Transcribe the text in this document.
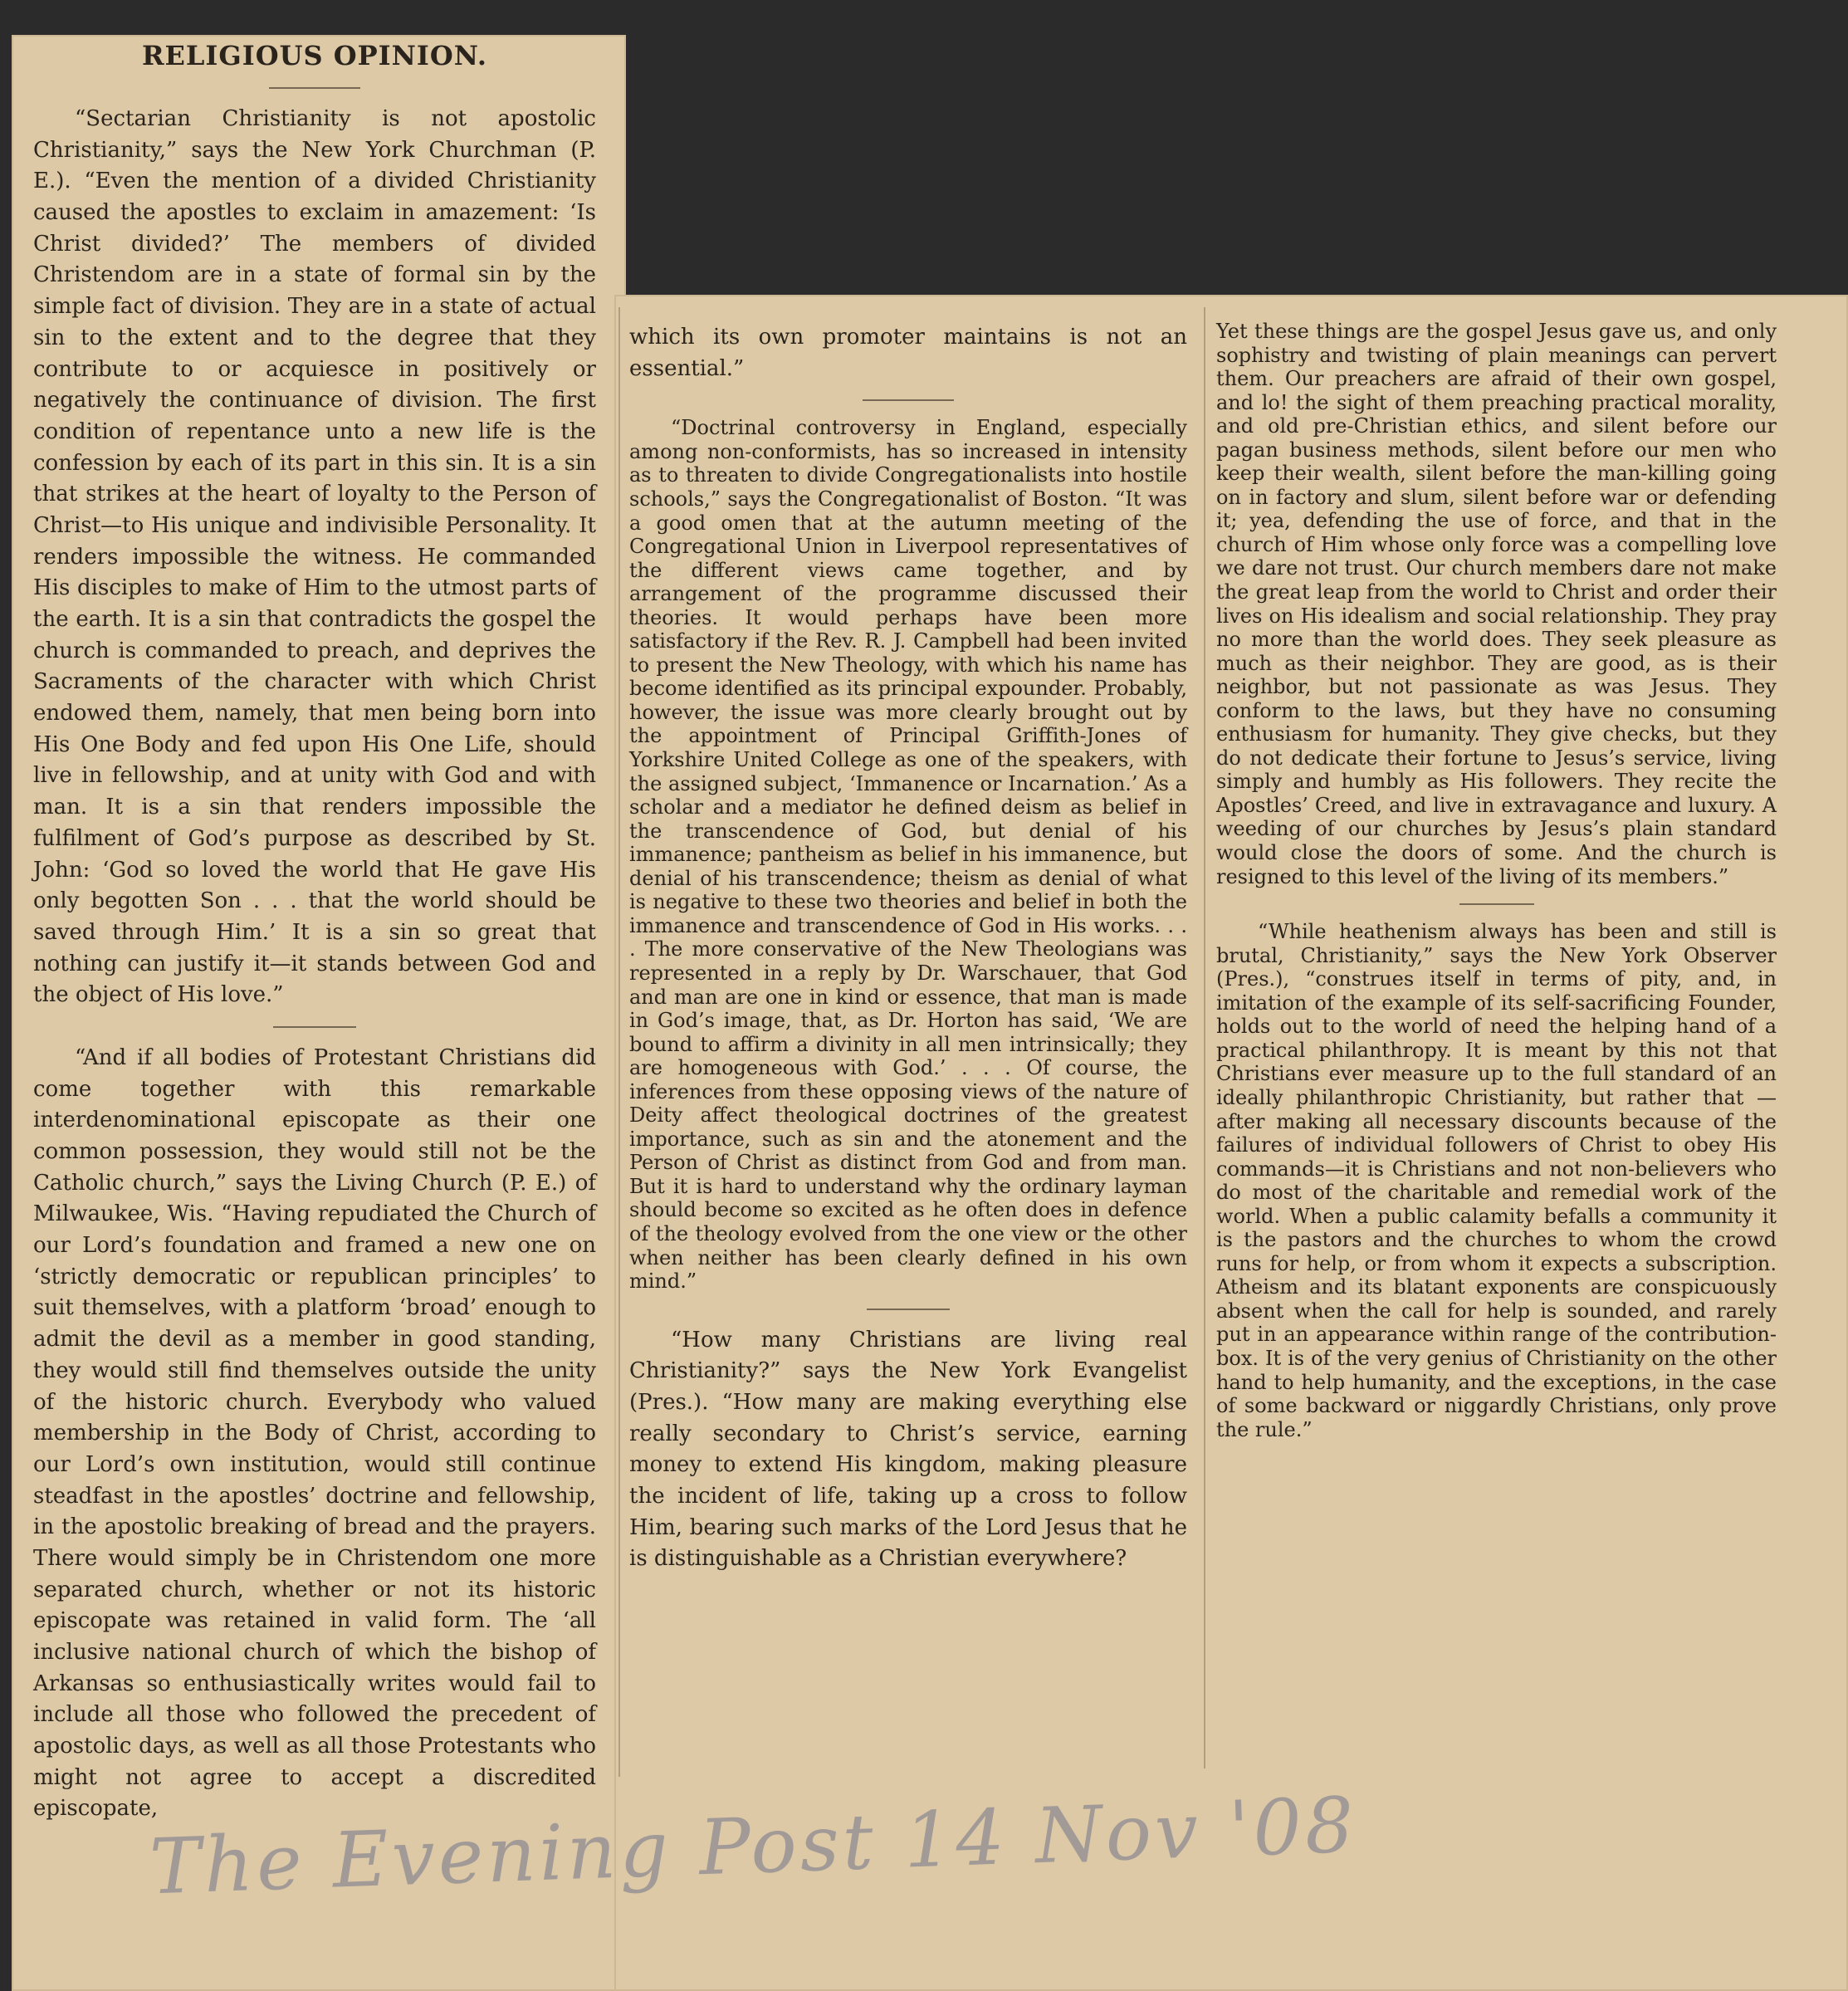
RELIGIOUS OPINION.

“Sectarian Christianity is not apostolic Christianity,” says the New York Churchman (P. E.). “Even the mention of a divided Christianity caused the apostles to exclaim in amazement: ‘Is Christ divided?’ The members of divided Christendom are in a state of formal sin by the simple fact of division. They are in a state of actual sin to the extent and to the degree that they contribute to or acquiesce in positively or negatively the continuance of division. The first condition of repentance unto a new life is the confession by each of its part in this sin. It is a sin that strikes at the heart of loyalty to the Person of Christ—to His unique and indivisible Personality. It renders impossible the witness. He commanded His disciples to make of Him to the utmost parts of the earth. It is a sin that contradicts the gospel the church is commanded to preach, and deprives the Sacraments of the character with which Christ endowed them, namely, that men being born into His One Body and fed upon His One Life, should live in fellowship, and at unity with God and with man. It is a sin that renders impossible the fulfilment of God’s purpose as described by St. John: ‘God so loved the world that He gave His only begotten Son . . . that the world should be saved through Him.’ It is a sin so great that nothing can justify it—it stands between God and the object of His love.”

“And if all bodies of Protestant Christians did come together with this remarkable interdenominational episcopate as their one common possession, they would still not be the Catholic church,” says the Living Church (P. E.) of Milwaukee, Wis. “Having repudiated the Church of our Lord’s foundation and framed a new one on ‘strictly democratic or republican principles’ to suit themselves, with a platform ‘broad’ enough to admit the devil as a member in good standing, they would still find themselves outside the unity of the historic church. Everybody who valued membership in the Body of Christ, according to our Lord’s own institution, would still continue steadfast in the apostles’ doctrine and fellowship, in the apostolic breaking of bread and the prayers. There would simply be in Christendom one more separated church, whether or not its historic episcopate was retained in valid form. The ‘all inclusive national church of which the bishop of Arkansas so enthusiastically writes would fail to include all those who followed the precedent of apostolic days, as well as all those Protestants who might not agree to accept a discredited episcopate,

which its own promoter maintains is not an essential.”

“Doctrinal controversy in England, especially among non-conformists, has so increased in intensity as to threaten to divide Congregationalists into hostile schools,” says the Congregationalist of Boston. “It was a good omen that at the autumn meeting of the Congregational Union in Liverpool representatives of the different views came together, and by arrangement of the programme discussed their theories. It would perhaps have been more satisfactory if the Rev. R. J. Campbell had been invited to present the New Theology, with which his name has become identified as its principal expounder. Probably, however, the issue was more clearly brought out by the appointment of Principal Griffith-Jones of Yorkshire United College as one of the speakers, with the assigned subject, ‘Immanence or Incarnation.’ As a scholar and a mediator he defined deism as belief in the transcendence of God, but denial of his immanence; pantheism as belief in his immanence, but denial of his transcendence; theism as denial of what is negative to these two theories and belief in both the immanence and transcendence of God in His works. . . . The more conservative of the New Theologians was represented in a reply by Dr. Warschauer, that God and man are one in kind or essence, that man is made in God’s image, that, as Dr. Horton has said, ‘We are bound to affirm a divinity in all men intrinsically; they are homogeneous with God.’ . . . Of course, the inferences from these opposing views of the nature of Deity affect theological doctrines of the greatest importance, such as sin and the atonement and the Person of Christ as distinct from God and from man. But it is hard to understand why the ordinary layman should become so excited as he often does in defence of the theology evolved from the one view or the other when neither has been clearly defined in his own mind.”

“How many Christians are living real Christianity?” says the New York Evangelist (Pres.). “How many are making everything else really secondary to Christ’s service, earning money to extend His kingdom, making pleasure the incident of life, taking up a cross to follow Him, bearing such marks of the Lord Jesus that he is distinguishable as a Christian everywhere?

Yet these things are the gospel Jesus gave us, and only sophistry and twisting of plain meanings can pervert them. Our preachers are afraid of their own gospel, and lo! the sight of them preaching practical morality, and old pre-Christian ethics, and silent before our pagan business methods, silent before our men who keep their wealth, silent before the man-killing going on in factory and slum, silent before war or defending it; yea, defending the use of force, and that in the church of Him whose only force was a compelling love we dare not trust. Our church members dare not make the great leap from the world to Christ and order their lives on His idealism and social relationship. They pray no more than the world does. They seek pleasure as much as their neighbor. They are good, as is their neighbor, but not passionate as was Jesus. They conform to the laws, but they have no consuming enthusiasm for humanity. They give checks, but they do not dedicate their fortune to Jesus’s service, living simply and humbly as His followers. They recite the Apostles’ Creed, and live in extravagance and luxury. A weeding of our churches by Jesus’s plain standard would close the doors of some. And the church is resigned to this level of the living of its members.”

“While heathenism always has been and still is brutal, Christianity,” says the New York Observer (Pres.), “construes itself in terms of pity, and, in imitation of the example of its self-sacrificing Founder, holds out to the world of need the helping hand of a practical philanthropy. It is meant by this not that Christians ever measure up to the full standard of an ideally philanthropic Christianity, but rather that —after making all necessary discounts because of the failures of individual followers of Christ to obey His commands—it is Christians and not non-believers who do most of the charitable and remedial work of the world. When a public calamity befalls a community it is the pastors and the churches to whom the crowd runs for help, or from whom it expects a subscription. Atheism and its blatant exponents are conspicuously absent when the call for help is sounded, and rarely put in an appearance within range of the contribution-box. It is of the very genius of Christianity on the other hand to help humanity, and the exceptions, in the case of some backward or niggardly Christians, only prove the rule.”

The Evening Post 14 Nov '08
